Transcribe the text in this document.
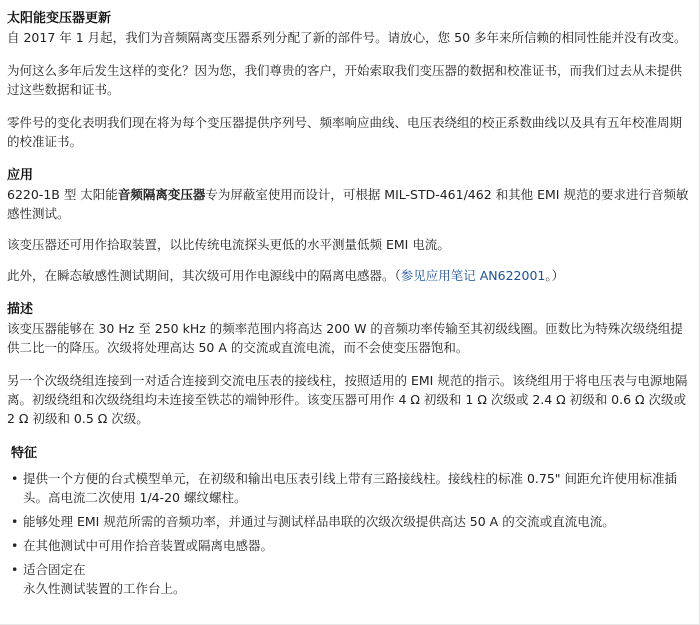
太阳能变压器更新

自 2017 年 1 月起，我们为音频隔离变压器系列分配了新的部件号。请放心，您 50 多年来所信赖的相同性能并没有改变。

为何这么多年后发生这样的变化？因为您，我们尊贵的客户，开始索取我们变压器的数据和校准证书，而我们过去从未提供过这些数据和证书。

零件号的变化表明我们现在将为每个变压器提供序列号、频率响应曲线、电压表绕组的校正系数曲线以及具有五年校准周期的校准证书。

应用

6220-1B 型 太阳能音频隔离变压器专为屏蔽室使用而设计，可根据 MIL-STD-461/462 和其他 EMI 规范的要求进行音频敏感性测试。

该变压器还可用作拾取装置，以比传统电流探头更低的水平测量低频 EMI 电流。

此外，在瞬态敏感性测试期间，其次级可用作电源线中的隔离电感器。（参见应用笔记 AN622001。）

描述

该变压器能够在 30 Hz 至 250 kHz 的频率范围内将高达 200 W 的音频功率传输至其初级线圈。匝数比为特殊次级绕组提供二比一的降压。次级将处理高达 50 A 的交流或直流电流，而不会使变压器饱和。

另一个次级绕组连接到一对适合连接到交流电压表的接线柱，按照适用的 EMI 规范的指示。该绕组用于将电压表与电源地隔离。初级绕组和次级绕组均未连接至铁芯的端钟形件。该变压器可用作 4 Ω 初级和 1 Ω 次级或 2.4 Ω 初级和 0.6 Ω 次级或 2 Ω 初级和 0.5 Ω 次级。

特征
• 提供一个方便的台式模型单元，在初级和输出电压表引线上带有三路接线柱。接线柱的标准 0.75" 间距允许使用标准插头。高电流二次使用 1/4-20 螺纹螺柱。
• 能够处理 EMI 规范所需的音频功率，并通过与测试样品串联的次级次级提供高达 50 A 的交流或直流电流。
• 在其他测试中可用作拾音装置或隔离电感器。
• 适合固定在
永久性测试装置的工作台上。
